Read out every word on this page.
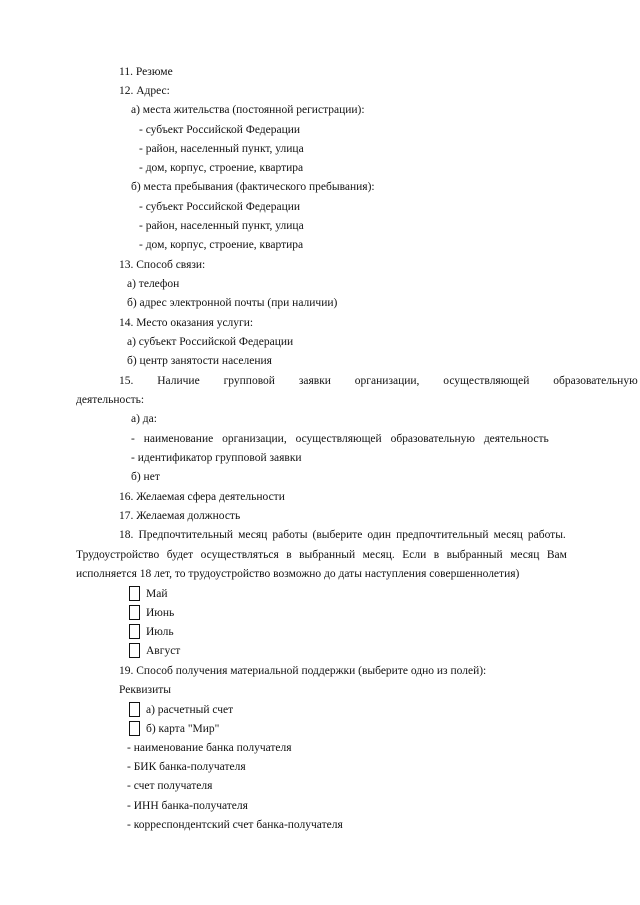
11. Резюме
12. Адрес:
а) места жительства (постоянной регистрации):
- субъект Российской Федерации
- район, населенный пункт, улица
- дом, корпус, строение, квартира
б) места пребывания (фактического пребывания):
- субъект Российской Федерации
- район, населенный пункт, улица
- дом, корпус, строение, квартира
13. Способ связи:
а) телефон
б) адрес электронной почты (при наличии)
14. Место оказания услуги:
а) субъект Российской Федерации
б) центр занятости населения
15. Наличие групповой заявки организации, осуществляющей образовательную
деятельность:
а) да:
- наименование организации, осуществляющей образовательную деятельность
- идентификатор групповой заявки
б) нет
16. Желаемая сфера деятельности
17. Желаемая должность
18. Предпочтительный месяц работы (выберите один предпочтительный месяц работы.
Трудоустройство будет осуществляться в выбранный месяц. Если в выбранный месяц Вам
исполняется 18 лет, то трудоустройство возможно до даты наступления совершеннолетия)
Май
Июнь
Июль
Август
19. Способ получения материальной поддержки (выберите одно из полей):
Реквизиты
а) расчетный счет
б) карта "Мир"
- наименование банка получателя
- БИК банка-получателя
- счет получателя
- ИНН банка-получателя
- корреспондентский счет банка-получателя
